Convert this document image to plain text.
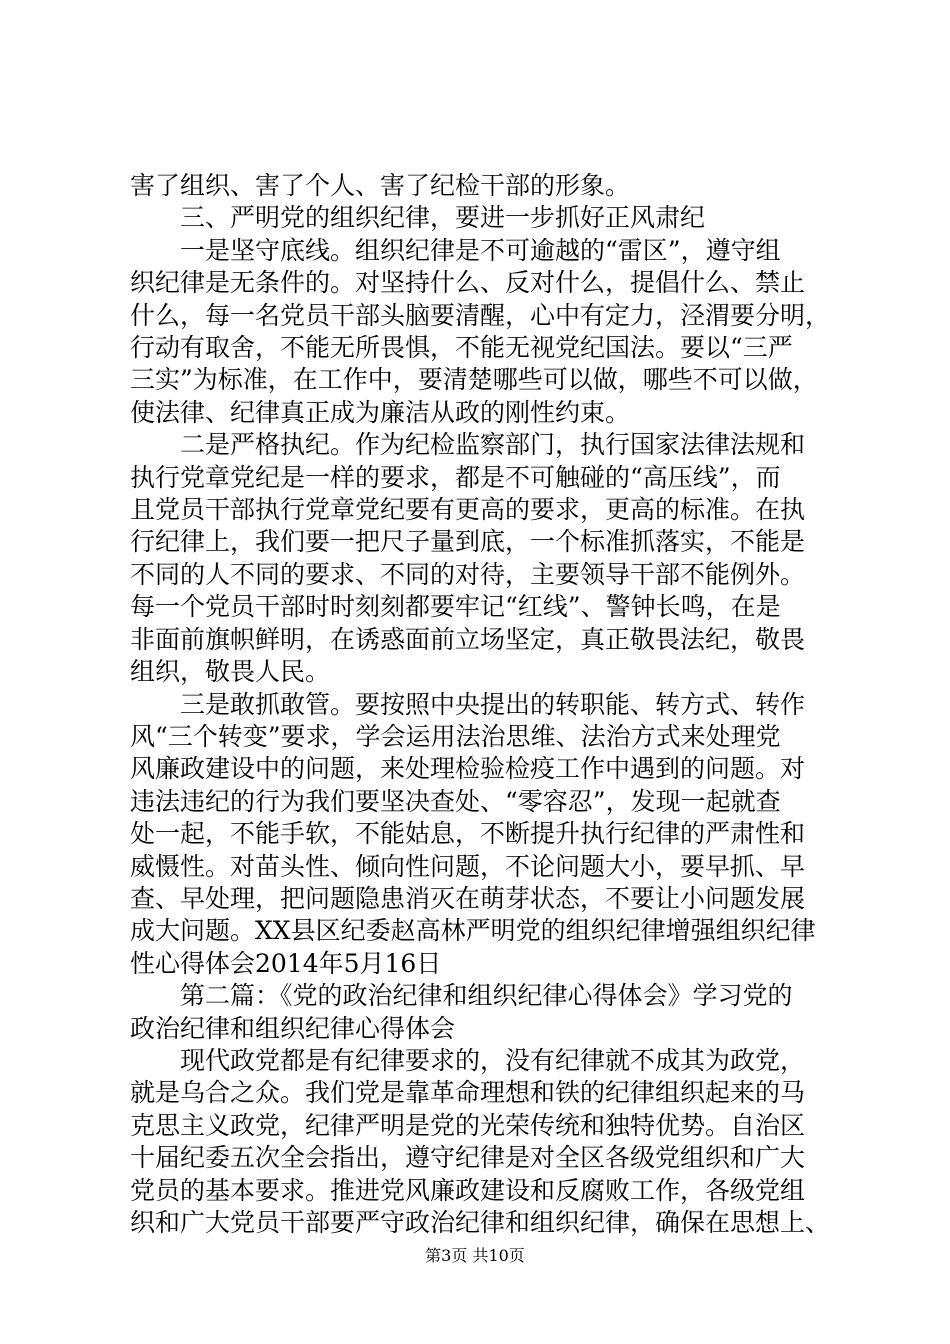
害了组织、害了个人、害了纪检干部的形象。
　　三、严明党的组织纪律，要进一步抓好正风肃纪
　　一是坚守底线。组织纪律是不可逾越的“雷区”，遵守组
织纪律是无条件的。对坚持什么、反对什么，提倡什么、禁止
什么，每一名党员干部头脑要清醒，心中有定力，泾渭要分明，
行动有取舍，不能无所畏惧，不能无视党纪国法。要以“三严
三实”为标准，在工作中，要清楚哪些可以做，哪些不可以做，
使法律、纪律真正成为廉洁从政的刚性约束。
　　二是严格执纪。作为纪检监察部门，执行国家法律法规和
执行党章党纪是一样的要求，都是不可触碰的“高压线”，而
且党员干部执行党章党纪要有更高的要求，更高的标准。在执
行纪律上，我们要一把尺子量到底，一个标准抓落实，不能是
不同的人不同的要求、不同的对待，主要领导干部不能例外。
每一个党员干部时时刻刻都要牢记“红线”、警钟长鸣，在是
非面前旗帜鲜明，在诱惑面前立场坚定，真正敬畏法纪，敬畏
组织，敬畏人民。
　　三是敢抓敢管。要按照中央提出的转职能、转方式、转作
风“三个转变”要求，学会运用法治思维、法治方式来处理党
风廉政建设中的问题，来处理检验检疫工作中遇到的问题。对
违法违纪的行为我们要坚决查处、“零容忍”，发现一起就查
处一起，不能手软，不能姑息，不断提升执行纪律的严肃性和
威慑性。对苗头性、倾向性问题，不论问题大小，要早抓、早
查、早处理，把问题隐患消灭在萌芽状态，不要让小问题发展
成大问题。XX县区纪委赵高林严明党的组织纪律增强组织纪律
性心得体会2014年5月16日
　　第二篇：《党的政治纪律和组织纪律心得体会》学习党的
政治纪律和组织纪律心得体会
　　现代政党都是有纪律要求的，没有纪律就不成其为政党，
就是乌合之众。我们党是靠革命理想和铁的纪律组织起来的马
克思主义政党，纪律严明是党的光荣传统和独特优势。自治区
十届纪委五次全会指出，遵守纪律是对全区各级党组织和广大
党员的基本要求。推进党风廉政建设和反腐败工作，各级党组
织和广大党员干部要严守政治纪律和组织纪律，确保在思想上、
第3页 共10页
